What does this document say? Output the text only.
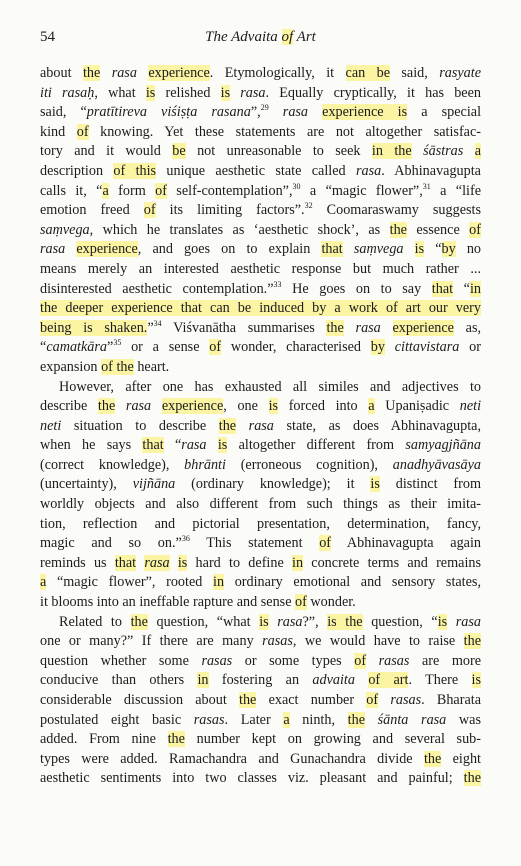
54	The Advaita of Art
about the rasa experience. Etymologically, it can be said, rasyate
iti rasaḥ, what is relished is rasa. Equally cryptically, it has been
said, “pratītireva viśiṣṭa rasana”,$^{29}$ rasa experience is a special
kind of knowing. Yet these statements are not altogether satisfac-
tory and it would be not unreasonable to seek in the śāstras a
description of this unique aesthetic state called rasa. Abhinavagupta
calls it, “a form of self-contemplation”,$^{30}$ a “magic flower”,$^{31}$ a “life
emotion freed of its limiting factors”.$^{32}$ Coomaraswamy suggests
saṃvega, which he translates as ‘aesthetic shock’, as the essence of
rasa experience, and goes on to explain that saṃvega is “by no
means merely an interested aesthetic response but much rather ...
disinterested aesthetic contemplation.”$^{33}$ He goes on to say that “in
the deeper experience that can be induced by a work of art our very
being is shaken.”$^{34}$ Viśvanātha summarises the rasa experience as,
“camatkāra”$^{35}$ or a sense of wonder, characterised by cittavistara or
expansion of the heart.
However, after one has exhausted all similes and adjectives to
describe the rasa experience, one is forced into a Upaniṣadic neti
neti situation to describe the rasa state, as does Abhinavagupta,
when he says that “rasa is altogether different from samyagjñāna
(correct knowledge), bhrānti (erroneous cognition), anadhyāvasāya
(uncertainty), vijñāna (ordinary knowledge); it is distinct from
worldly objects and also different from such things as their imita-
tion, reflection and pictorial presentation, determination, fancy,
magic and so on.”$^{36}$ This statement of Abhinavagupta again
reminds us that rasa is hard to define in concrete terms and remains
a “magic flower”, rooted in ordinary emotional and sensory states,
it blooms into an ineffable rapture and sense of wonder.
Related to the question, “what is rasa?”, is the question, “is rasa
one or many?” If there are many rasas, we would have to raise the
question whether some rasas or some types of rasas are more
conducive than others in fostering an advaita of art. There is
considerable discussion about the exact number of rasas. Bharata
postulated eight basic rasas. Later a ninth, the śānta rasa was
added. From nine the number kept on growing and several sub-
types were added. Ramachandra and Gunachandra divide the eight
aesthetic sentiments into two classes viz. pleasant and painful; the
